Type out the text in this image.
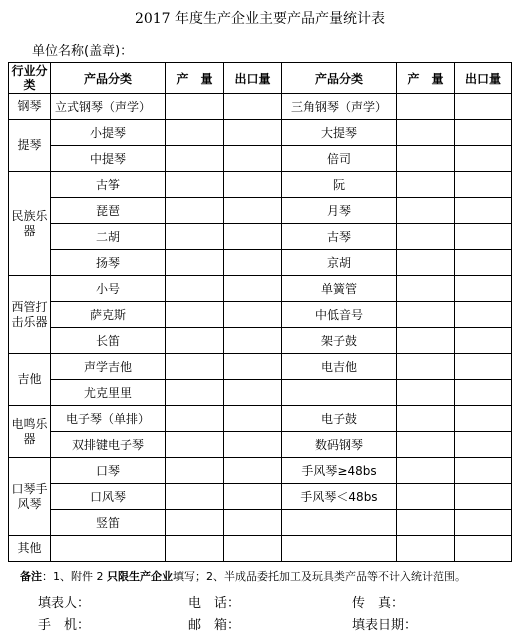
2017 年度生产企业主要产品产量统计表
单位名称(盖章)：
行业分类	产品分类	产　量	出口量	产品分类	产　量	出口量
钢琴	立式钢琴（声学）			三角钢琴（声学）		
提琴	小提琴			大提琴		
	中提琴			倍司		
民族乐器	古筝			阮		
	琵琶			月琴		
	二胡			古琴		
	扬琴			京胡		
西管打击乐器	小号			单簧管		
	萨克斯			中低音号		
	长笛			架子鼓		
吉他	声学吉他			电吉他		
	尤克里里					
电鸣乐器	电子琴（单排）			电子鼓		
	双排键电子琴			数码钢琴		
口琴手风琴	口琴			手风琴≥48bs		
	口风琴			手风琴＜48bs		
	竖笛					
其他						
备注：1、附件 2 只限生产企业填写；2、半成品委托加工及玩具类产品等不计入统计范围。
填表人：	电　话：	传　真：
手　机：	邮　箱：	填表日期：
